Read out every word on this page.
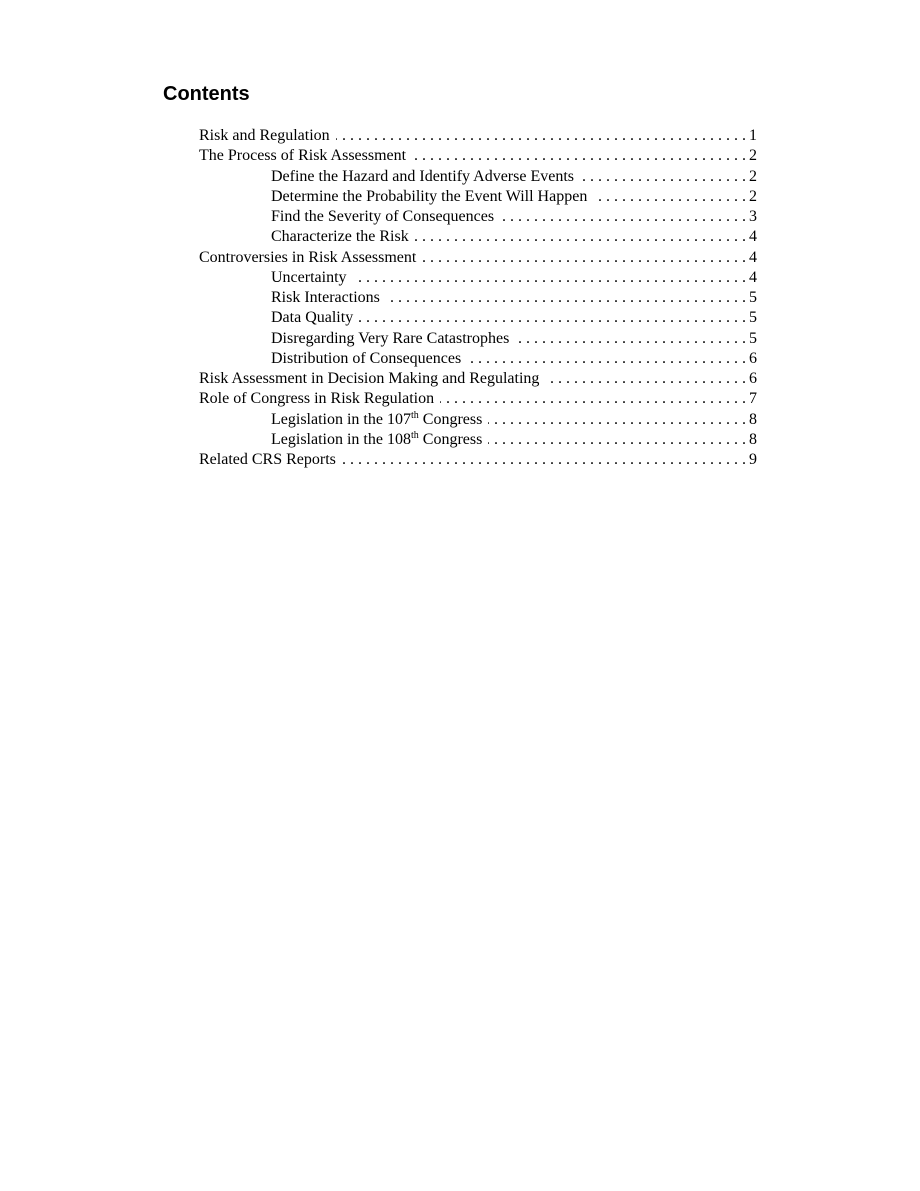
Contents
Risk and Regulation . . .	1
The Process of Risk Assessment . . .	2
Define the Hazard and Identify Adverse Events . . .	2
Determine the Probability the Event Will Happen . . .	2
Find the Severity of Consequences . . .	3
Characterize the Risk . . .	4
Controversies in Risk Assessment . . .	4
Uncertainty . . .	4
Risk Interactions . . .	5
Data Quality . . .	5
Disregarding Very Rare Catastrophes . . .	5
Distribution of Consequences . . .	6
Risk Assessment in Decision Making and Regulating . . .	6
Role of Congress in Risk Regulation . . .	7
Legislation in the 107th Congress . . .	8
Legislation in the 108th Congress . . .	8
Related CRS Reports . . .	9
